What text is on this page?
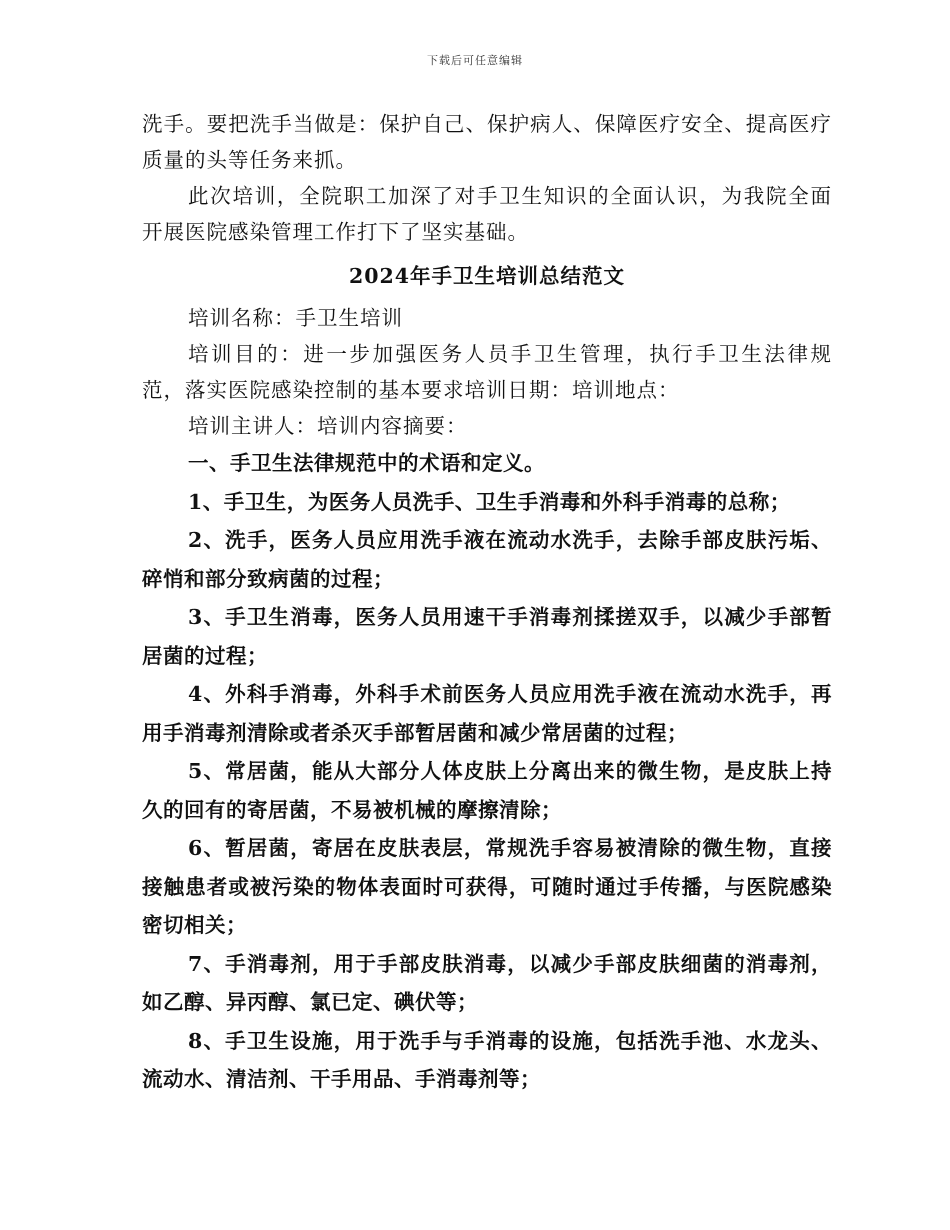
下载后可任意编辑

洗手。要把洗手当做是：保护自己、保护病人、保障医疗安全、提高医疗质量的头等任务来抓。

此次培训，全院职工加深了对手卫生知识的全面认识，为我院全面开展医院感染管理工作打下了坚实基础。

2024年手卫生培训总结范文

培训名称：手卫生培训

培训目的：进一步加强医务人员手卫生管理，执行手卫生法律规范，落实医院感染控制的基本要求培训日期：培训地点：

培训主讲人：培训内容摘要：

一、手卫生法律规范中的术语和定义。

1、手卫生，为医务人员洗手、卫生手消毒和外科手消毒的总称；

2、洗手，医务人员应用洗手液在流动水洗手，去除手部皮肤污垢、碎悄和部分致病菌的过程；

3、手卫生消毒，医务人员用速干手消毒剂揉搓双手，以减少手部暂居菌的过程；

4、外科手消毒，外科手术前医务人员应用洗手液在流动水洗手，再用手消毒剂清除或者杀灭手部暂居菌和减少常居菌的过程；

5、常居菌，能从大部分人体皮肤上分离出来的微生物，是皮肤上持久的回有的寄居菌，不易被机械的摩擦清除；

6、暂居菌，寄居在皮肤表层，常规洗手容易被清除的微生物，直接接触患者或被污染的物体表面时可获得，可随时通过手传播，与医院感染密切相关；

7、手消毒剂，用于手部皮肤消毒，以减少手部皮肤细菌的消毒剂，如乙醇、异丙醇、氯已定、碘伏等；

8、手卫生设施，用于洗手与手消毒的设施，包括洗手池、水龙头、流动水、清洁剂、干手用品、手消毒剂等；
